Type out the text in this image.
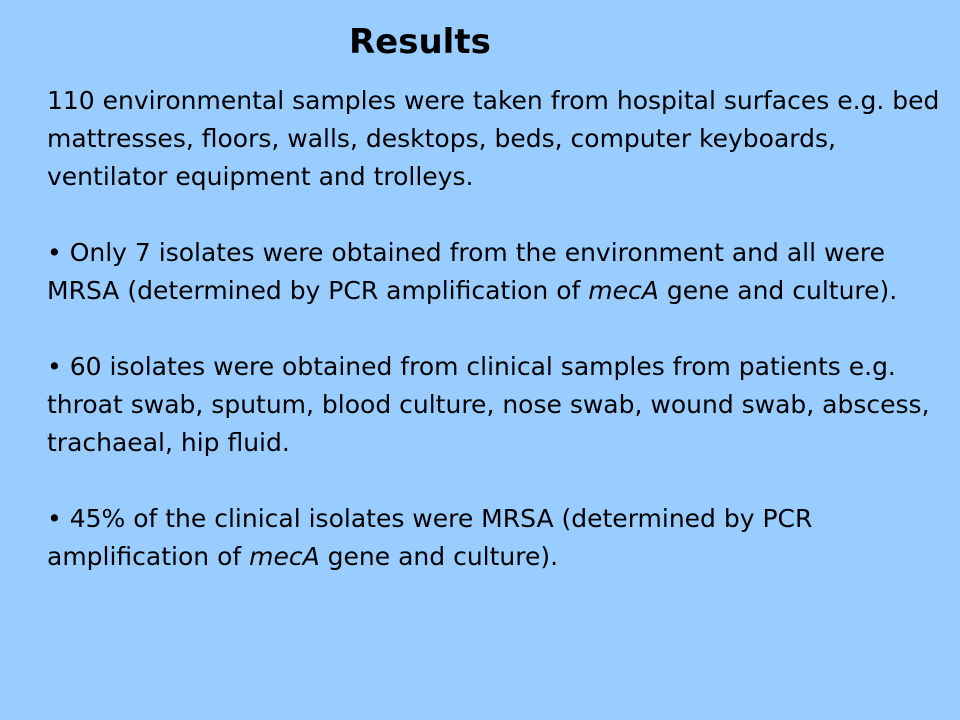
Results

110 environmental samples were taken from hospital surfaces e.g. bed mattresses, floors, walls, desktops, beds, computer keyboards, ventilator equipment and trolleys.

• Only 7 isolates were obtained from the environment and all were MRSA (determined by PCR amplification of mecA gene and culture).

• 60 isolates were obtained from clinical samples from patients e.g. throat swab, sputum, blood culture, nose swab, wound swab, abscess, trachaeal, hip fluid.

• 45% of the clinical isolates were MRSA (determined by PCR amplification of mecA gene and culture).
